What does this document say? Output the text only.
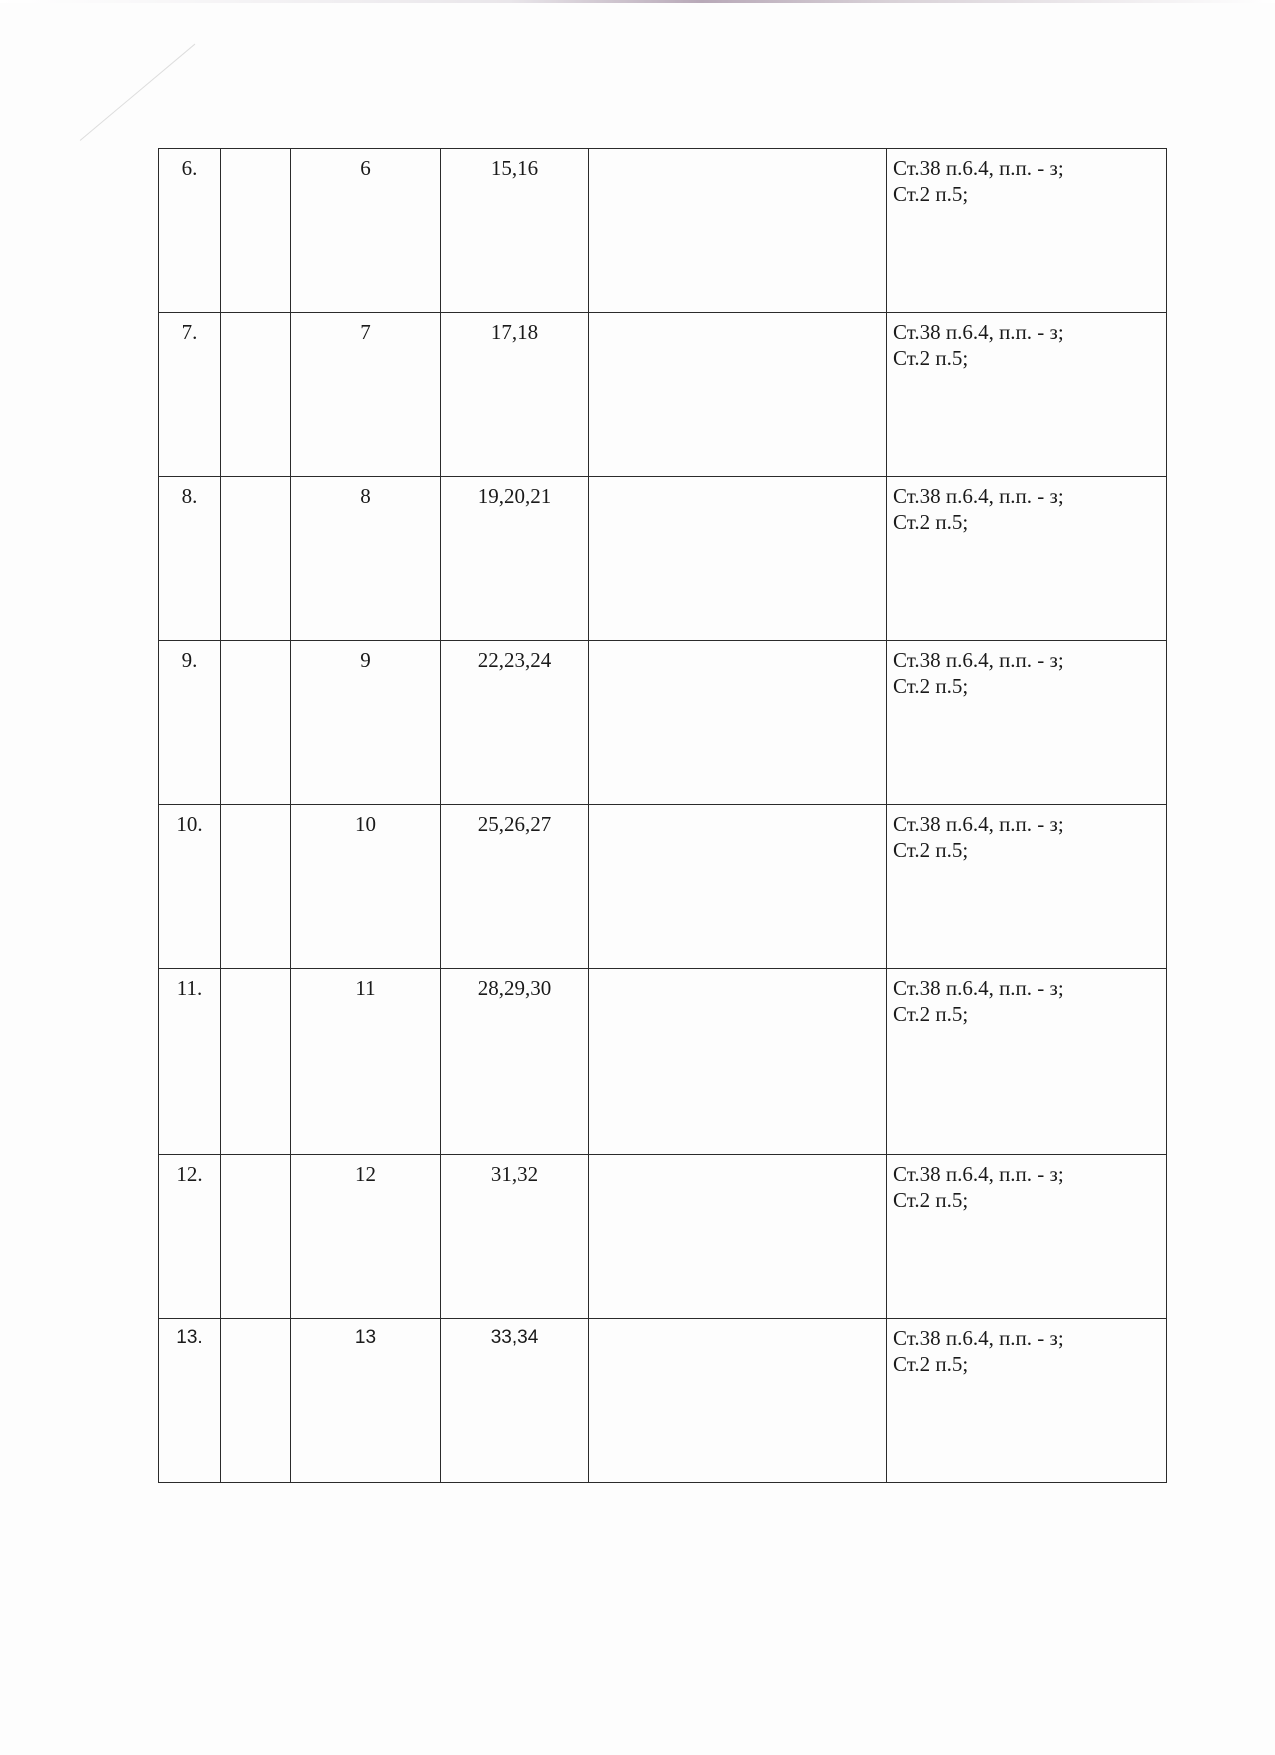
6.		6	15,16		Ст.38 п.6.4, п.п. - з;
Ст.2 п.5;

7.		7	17,18		Ст.38 п.6.4, п.п. - з;
Ст.2 п.5;

8.		8	19,20,21		Ст.38 п.6.4, п.п. - з;
Ст.2 п.5;

9.		9	22,23,24		Ст.38 п.6.4, п.п. - з;
Ст.2 п.5;

10.		10	25,26,27		Ст.38 п.6.4, п.п. - з;
Ст.2 п.5;

11.		11	28,29,30		Ст.38 п.6.4, п.п. - з;
Ст.2 п.5;

12.		12	31,32		Ст.38 п.6.4, п.п. - з;
Ст.2 п.5;

13.		13	33,34		Ст.38 п.6.4, п.п. - з;
Ст.2 п.5;
